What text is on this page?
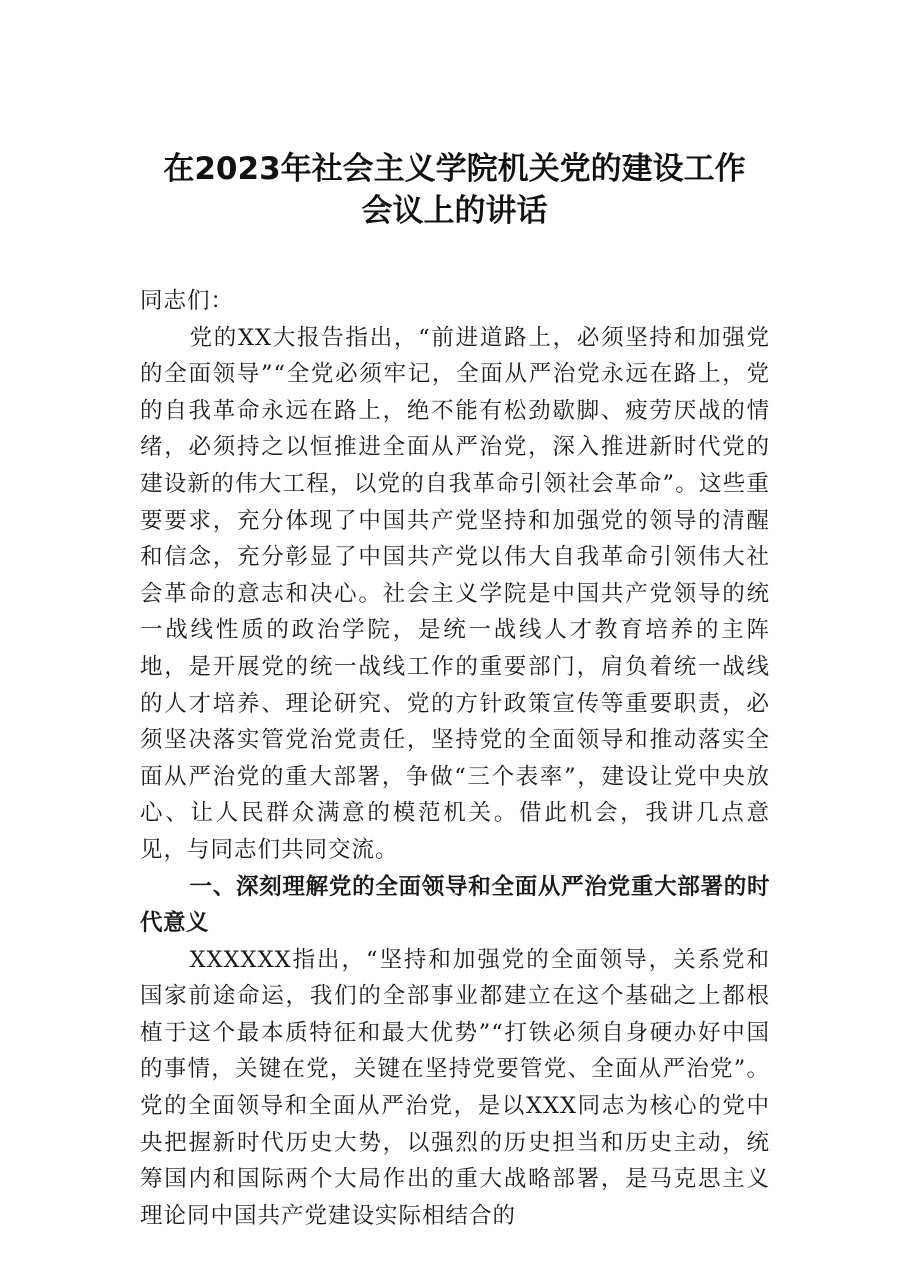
在2023年社会主义学院机关党的建设工作
会议上的讲话

同志们：

党的XX大报告指出，“前进道路上，必须坚持和加强党的全面领导”“全党必须牢记，全面从严治党永远在路上，党的自我革命永远在路上，绝不能有松劲歇脚、疲劳厌战的情绪，必须持之以恒推进全面从严治党，深入推进新时代党的建设新的伟大工程，以党的自我革命引领社会革命”。这些重要要求，充分体现了中国共产党坚持和加强党的领导的清醒和信念，充分彰显了中国共产党以伟大自我革命引领伟大社会革命的意志和决心。社会主义学院是中国共产党领导的统一战线性质的政治学院，是统一战线人才教育培养的主阵地，是开展党的统一战线工作的重要部门，肩负着统一战线的人才培养、理论研究、党的方针政策宣传等重要职责，必须坚决落实管党治党责任，坚持党的全面领导和推动落实全面从严治党的重大部署，争做“三个表率”，建设让党中央放心、让人民群众满意的模范机关。借此机会，我讲几点意见，与同志们共同交流。

一、深刻理解党的全面领导和全面从严治党重大部署的时代意义

XXXXXX指出，“坚持和加强党的全面领导，关系党和国家前途命运，我们的全部事业都建立在这个基础之上都根植于这个最本质特征和最大优势”“打铁必须自身硬办好中国的事情，关键在党，关键在坚持党要管党、全面从严治党”。党的全面领导和全面从严治党，是以XXX同志为核心的党中央把握新时代历史大势，以强烈的历史担当和历史主动，统筹国内和国际两个大局作出的重大战略部署，是马克思主义理论同中国共产党建设实际相结合的
